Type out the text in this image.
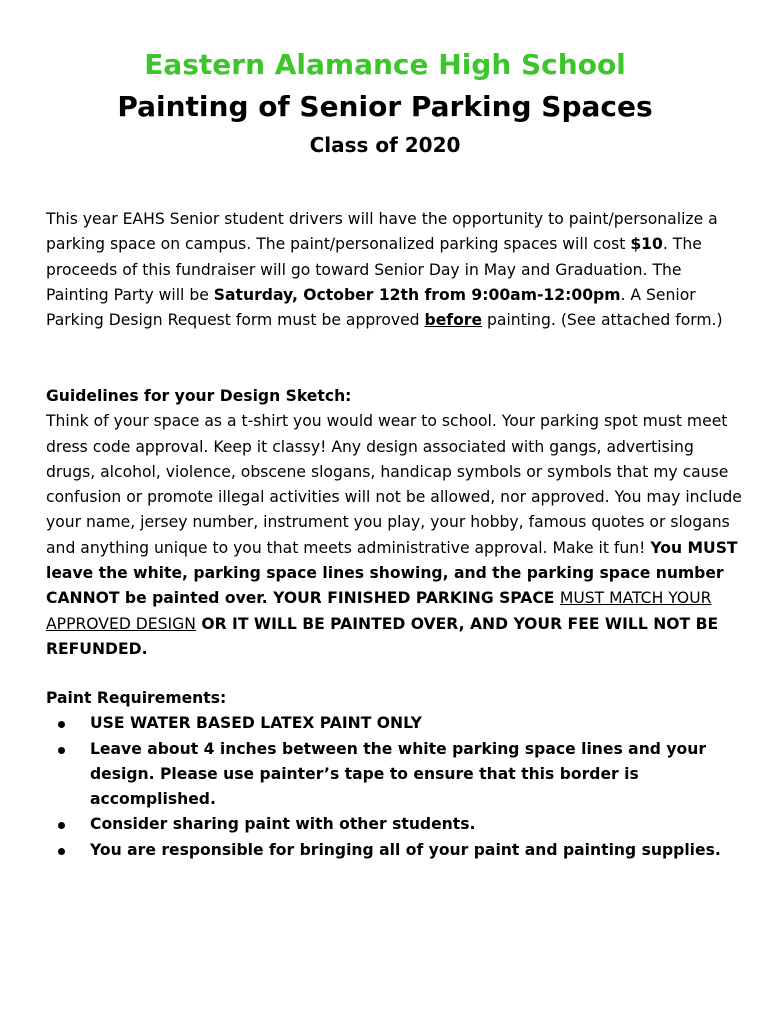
Eastern Alamance High School
Painting of Senior Parking Spaces
Class of 2020
This year EAHS Senior student drivers will have the opportunity to paint/personalize a parking space on campus. The paint/personalized parking spaces will cost $10. The proceeds of this fundraiser will go toward Senior Day in May and Graduation. The Painting Party will be Saturday, October 12th from 9:00am-12:00pm. A Senior Parking Design Request form must be approved before painting. (See attached form.)
Guidelines for your Design Sketch:
Think of your space as a t-shirt you would wear to school. Your parking spot must meet dress code approval. Keep it classy! Any design associated with gangs, advertising drugs, alcohol, violence, obscene slogans, handicap symbols or symbols that my cause confusion or promote illegal activities will not be allowed, nor approved. You may include your name, jersey number, instrument you play, your hobby, famous quotes or slogans and anything unique to you that meets administrative approval. Make it fun! You MUST leave the white, parking space lines showing, and the parking space number CANNOT be painted over. YOUR FINISHED PARKING SPACE MUST MATCH YOUR APPROVED DESIGN OR IT WILL BE PAINTED OVER, AND YOUR FEE WILL NOT BE REFUNDED.
Paint Requirements:
USE WATER BASED LATEX PAINT ONLY
Leave about 4 inches between the white parking space lines and your design. Please use painter’s tape to ensure that this border is accomplished.
Consider sharing paint with other students.
You are responsible for bringing all of your paint and painting supplies.
